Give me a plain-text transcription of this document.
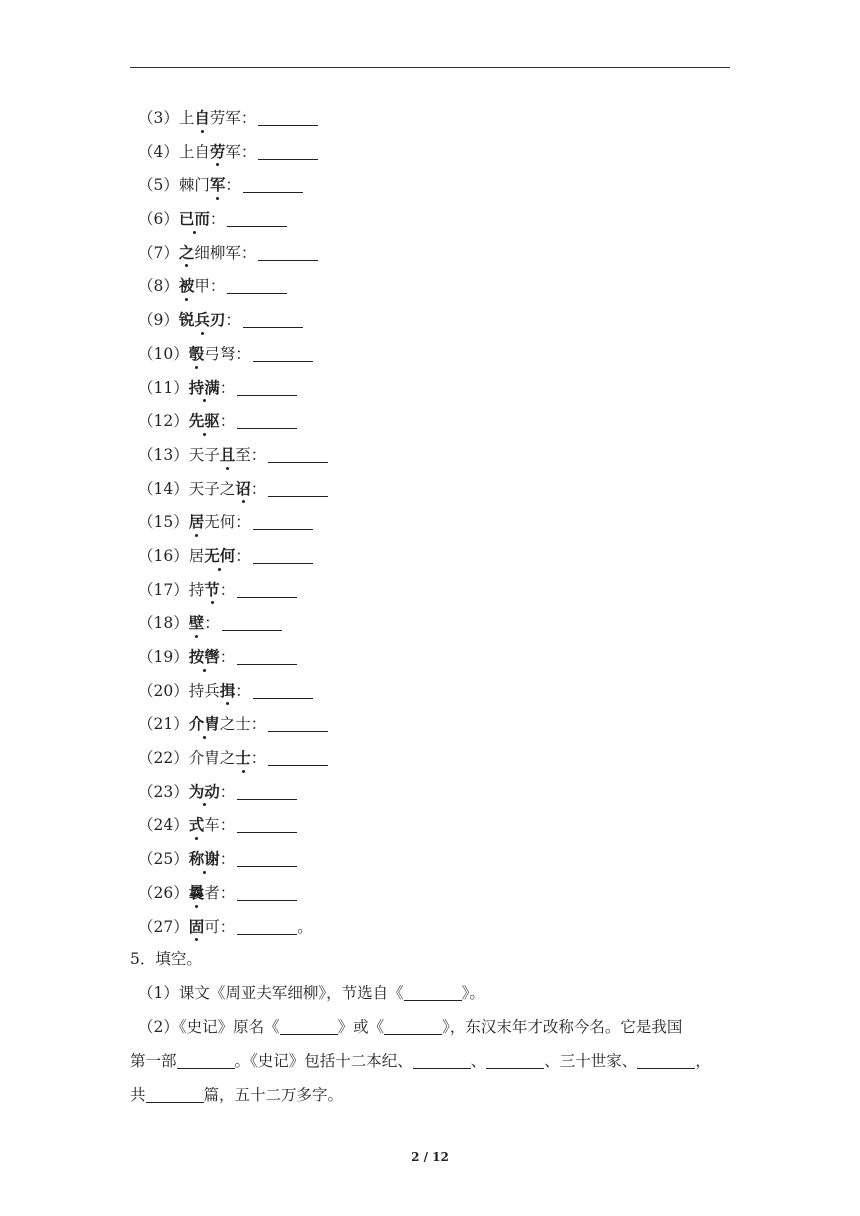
（3）上自劳军：
（4）上自劳军：
（5）棘门军：
（6）已而：
（7）之细柳军：
（8）被甲：
（9）锐兵刃：
（10）彀弓弩：
（11）持满：
（12）先驱：
（13）天子且至：
（14）天子之诏：
（15）居无何：
（16）居无何：
（17）持节：
（18）壁：
（19）按辔：
（20）持兵揖：
（21）介胄之士：
（22）介胄之士：
（23）为动：
（24）式车：
（25）称谢：
（26）曩者：
（27）固可：	。
5．填空。
（1）课文《周亚夫军细柳》，节选自《	》。
（2）《史记》原名《	》或《	》，东汉末年才改称今名。它是我国
第一部	。《史记》包括十二本纪、	、	、三十世家、	，
共	篇，五十二万多字。
2 / 12
